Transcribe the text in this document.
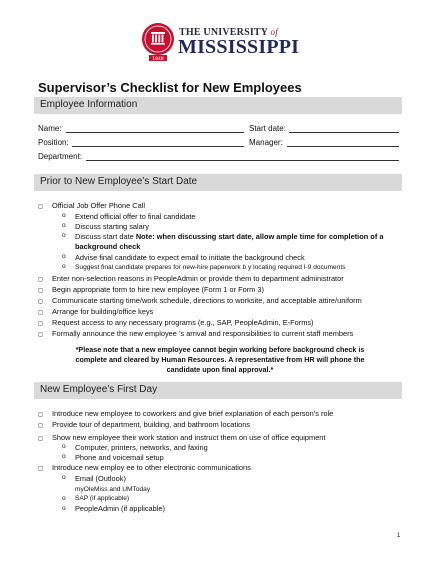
1848
THE UNIVERSITY of
MISSISSIPPI
Supervisor’s Checklist for New Employees
Employee Information
Name:	Start date:
Position:	Manager:
Department:
Prior to New Employee’s Start Date
◻ Official Job Offer Phone Call
o Extend official offer to final candidate
o Discuss starting salary
o Discuss start date Note: when discussing start date, allow ample time for completion of a
background check
o Advise final candidate to expect email to initiate the background check
o Suggest final candidate prepares for new-hire paperwork b y locating required I-9 documents
◻ Enter non-selection reasons in PeopleAdmin or provide them to department administrator
◻ Begin appropriate form to hire new employee (Form 1 or Form 3)
◻ Communicate starting time/work schedule, directions to worksite, and acceptable attire/uniform
◻ Arrange for building/office keys
◻ Request access to any necessary programs (e.g., SAP, PeopleAdmin, E-Forms)
◻ Formally announce the new employee ’s arrival and responsibilities to current staff members
*Please note that a new employee cannot begin working before background check is
complete and cleared by Human Resources. A representative from HR will phone the
candidate upon final approval.*
New Employee’s First Day
◻ Introduce new employee to coworkers and give brief explanation of each person’s role
◻ Provide tour of department, building, and bathroom locations
◻ Show new employee their work station and instruct them on use of office equipment
o Computer, printers, networks, and faxing
o Phone and voicemail setup
◻ Introduce new employ ee to other electronic communications
o Email (Outlook)
myOleMiss and UMToday
o SAP (if applicable)
o PeopleAdmin (if applicable)
1
